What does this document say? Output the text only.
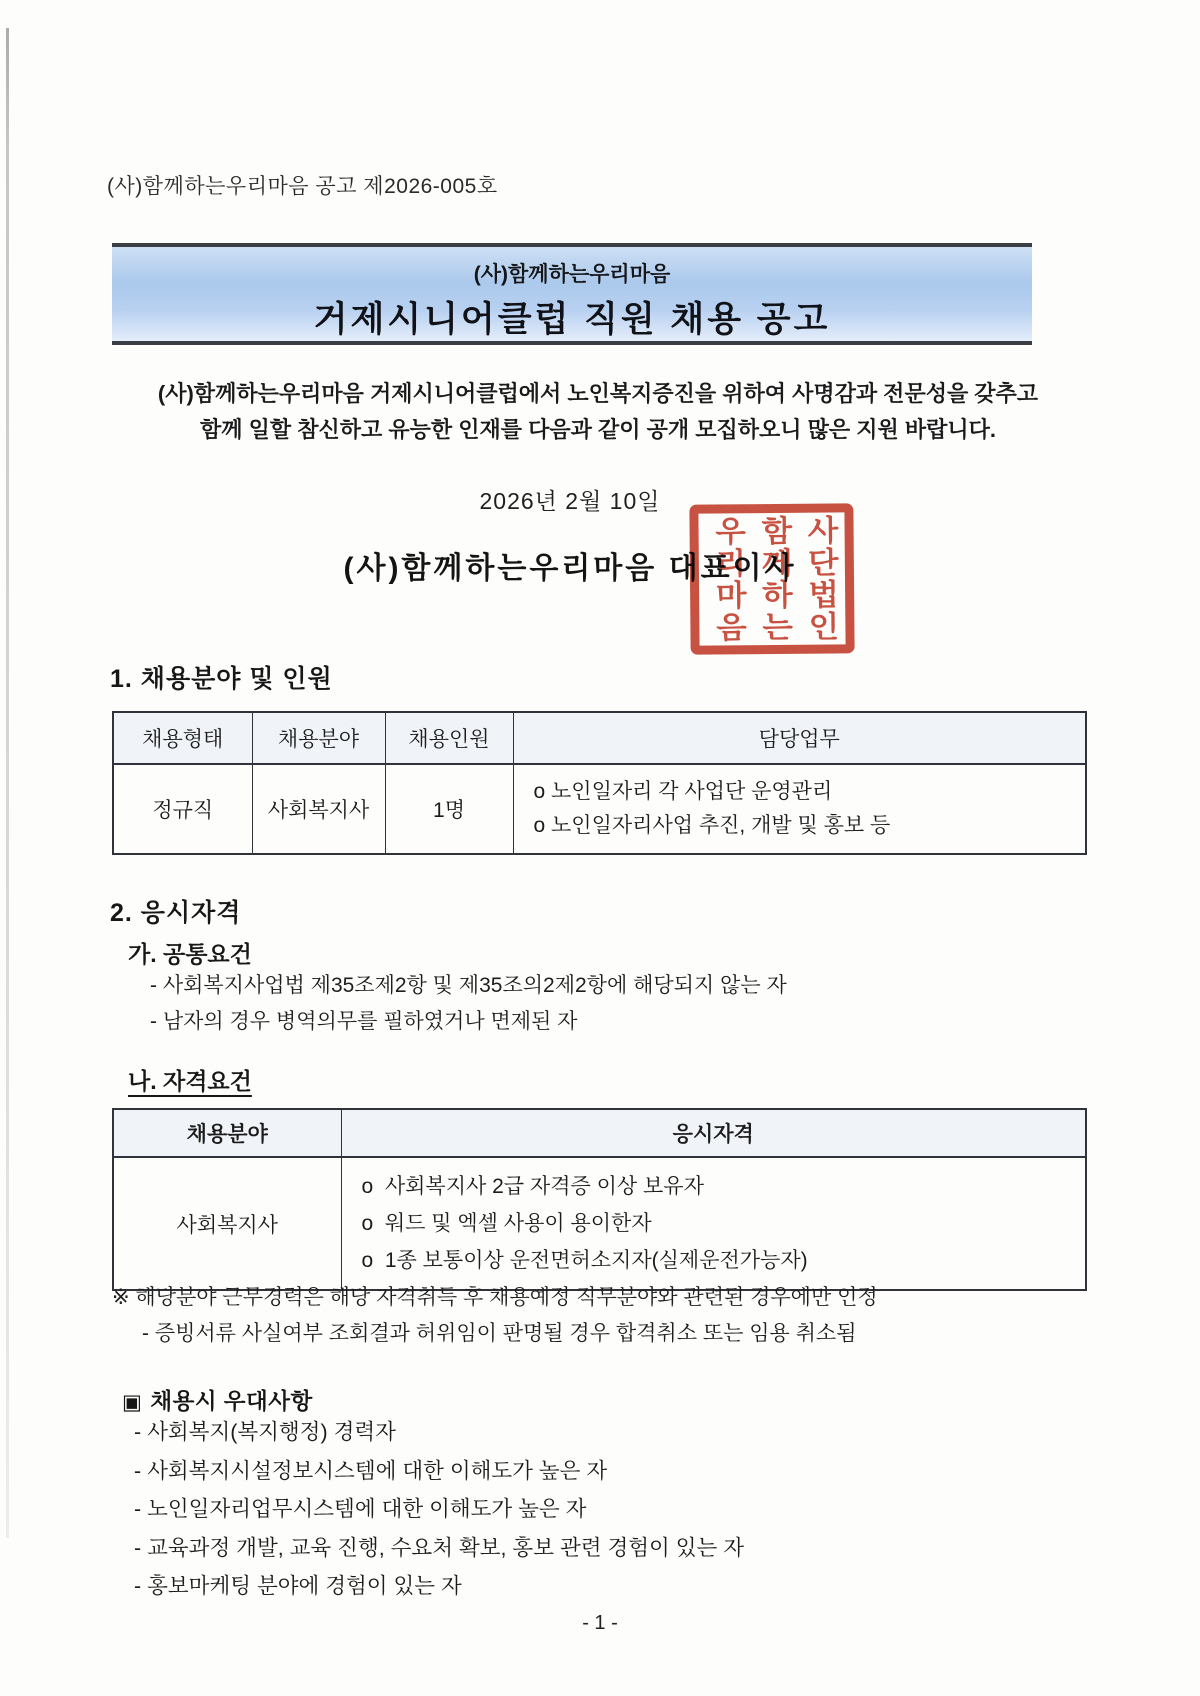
(사)함께하는우리마음 공고 제2026-005호
(사)함께하는우리마음
거제시니어클럽 직원 채용 공고
(사)함께하는우리마음 거제시니어클럽에서 노인복지증진을 위하여 사명감과 전문성을 갖추고
함께 일할 참신하고 유능한 인재를 다음과 같이 공개 모집하오니 많은 지원 바랍니다.
2026년 2월 10일
(사)함께하는우리마음 대표이사 사단법인함께하는우리마음
1. 채용분야 및 인원
채용형태	채용분야	채용인원	담당업무
정규직	사회복지사	1명	o 노인일자리 각 사업단 운영관리
o 노인일자리사업 추진, 개발 및 홍보 등
2. 응시자격
가. 공통요건
- 사회복지사업법 제35조제2항 및 제35조의2제2항에 해당되지 않는 자
- 남자의 경우 병역의무를 필하였거나 면제된 자
나. 자격요건
채용분야	응시자격
사회복지사	o  사회복지사 2급 자격증 이상 보유자
o  워드 및 엑셀 사용이 용이한자
o  1종 보통이상 운전면허소지자(실제운전가능자)
※ 해당분야 근무경력은 해당 자격취득 후 채용예정 직무분야와 관련된 경우에만 인정
- 증빙서류 사실여부 조회결과 허위임이 판명될 경우 합격취소 또는 임용 취소됨
▣ 채용시 우대사항
- 사회복지(복지행정) 경력자
- 사회복지시설정보시스템에 대한 이해도가 높은 자
- 노인일자리업무시스템에 대한 이해도가 높은 자
- 교육과정 개발, 교육 진행, 수요처 확보, 홍보 관련 경험이 있는 자
- 홍보마케팅 분야에 경험이 있는 자
- 1 -
